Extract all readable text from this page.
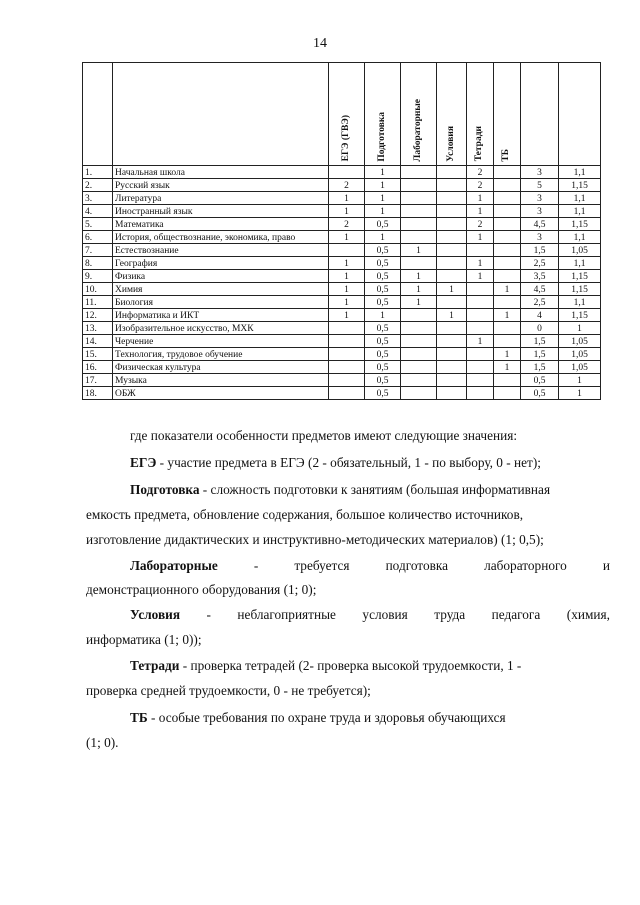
14
		ЕГЭ (ГВЭ)	Подготовка	Лабораторные	Условия	Тетради	ТБ		
1.	Начальная школа		1			2		3	1,1
2.	Русский язык	2	1			2		5	1,15
3.	Литература	1	1			1		3	1,1
4.	Иностранный язык	1	1			1		3	1,1
5.	Математика	2	0,5			2		4,5	1,15
6.	История, обществознание, экономика, право	1	1			1		3	1,1
7.	Естествознание		0,5	1				1,5	1,05
8.	География	1	0,5			1		2,5	1,1
9.	Физика	1	0,5	1		1		3,5	1,15
10.	Химия	1	0,5	1	1		1	4,5	1,15
11.	Биология	1	0,5	1				2,5	1,1
12.	Информатика и ИКТ	1	1		1		1	4	1,15
13.	Изобразительное искусство, МХК		0,5					0	1
14.	Черчение		0,5			1		1,5	1,05
15.	Технология, трудовое обучение		0,5				1	1,5	1,05
16.	Физическая культура		0,5				1	1,5	1,05
17.	Музыка		0,5					0,5	1
18.	ОБЖ		0,5					0,5	1
где показатели особенности предметов имеют следующие значения:
ЕГЭ - участие предмета в ЕГЭ (2 - обязательный, 1 - по выбору, 0 - нет);
Подготовка - сложность подготовки к занятиям (большая информативная
емкость предмета, обновление содержания, большое количество источников,
изготовление дидактических и инструктивно-методических материалов) (1; 0,5);
Лабораторные	-	требуется	подготовка	лабораторного	и
демонстрационного оборудования (1; 0);
Условия - неблагоприятные условия труда педагога (химия,
информатика (1; 0));
Тетради - проверка тетрадей (2- проверка высокой трудоемкости, 1 -
проверка средней трудоемкости, 0 - не требуется);
ТБ - особые требования по охране труда и здоровья обучающихся
(1; 0).
